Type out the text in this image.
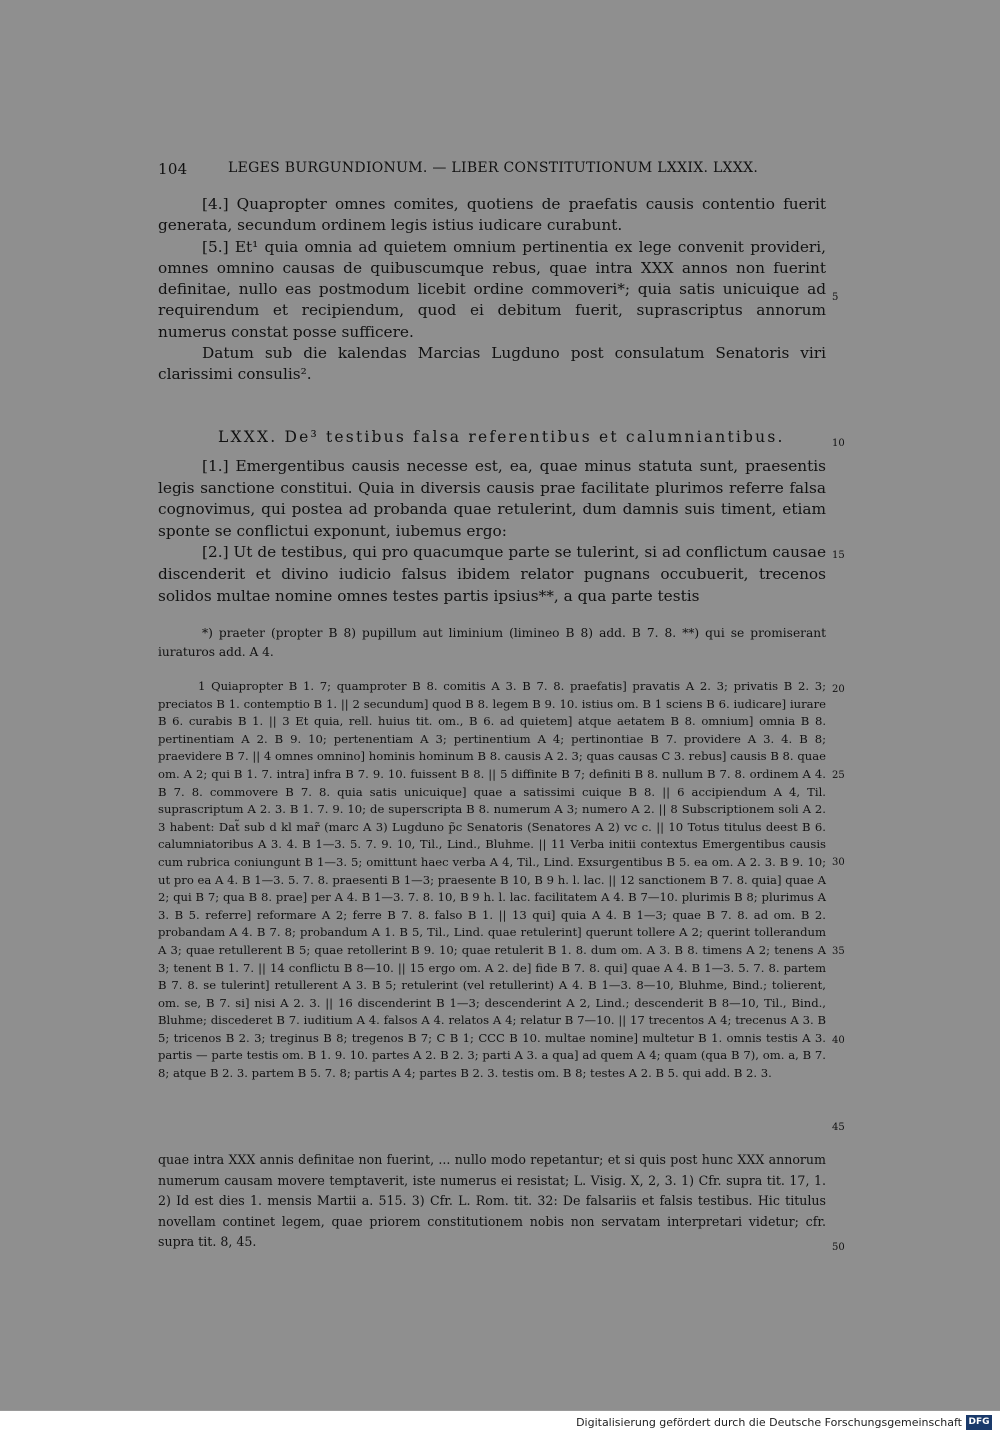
104	LEGES BURGUNDIONUM. — LIBER CONSTITUTIONUM LXXIX. LXXX.

[4.] Quapropter omnes comites, quotiens de praefatis causis contentio fuerit generata, secundum ordinem legis istius iudicare curabunt.

[5.] Et¹ quia omnia ad quietem omnium pertinentia ex lege convenit provideri, omnes omnino causas de quibuscumque rebus, quae intra XXX annos non fuerint definitae, nullo eas postmodum licebit ordine commoveri*; quia satis unicuique ad requirendum et recipiendum, quod ei debitum fuerit, suprascriptus annorum numerus constat posse sufficere.

Datum sub die kalendas Marcias Lugduno post consulatum Senatoris viri clarissimi consulis².

LXXX. De³ testibus falsa referentibus et calumniantibus.

[1.] Emergentibus causis necesse est, ea, quae minus statuta sunt, praesentis legis sanctione constitui. Quia in diversis causis prae facilitate plurimos referre falsa cognovimus, qui postea ad probanda quae retulerint, dum damnis suis timent, etiam sponte se conflictui exponunt, iubemus ergo:

[2.] Ut de testibus, qui pro quacumque parte se tulerint, si ad conflictum causae discenderit et divino iudicio falsus ibidem relator pugnans occubuerit, trecenos solidos multae nomine omnes testes partis ipsius**, a qua parte testis

*) praeter (propter B 8) pupillum aut liminium (limineo B 8) add. B 7. 8. **) qui se promiserant iuraturos add. A 4.

1 Quiapropter B 1. 7; quamproter B 8. comitis A 3. B 7. 8. praefatis] pravatis A 2. 3; privatis B 2. 3; preciatos B 1. contemptio B 1. || 2 secundum] quod B 8. legem B 9. 10. istius om. B 1 sciens B 6. iudicare] iurare B 6. curabis B 1. || 3 Et quia, rell. huius tit. om., B 6. ad quietem] atque aetatem B 8. omnium] omnia B 8. pertinentiam A 2. B 9. 10; pertenentiam A 3; pertinentium A 4; pertinontiae B 7. providere A 3. 4. B 8; praevidere B 7. || 4 omnes omnino] hominis hominum B 8. causis A 2. 3; quas causas C 3. rebus] causis B 8. quae om. A 2; qui B 1. 7. intra] infra B 7. 9. 10. fuissent B 8. || 5 diffinite B 7; definiti B 8. nullum B 7. 8. ordinem A 4. B 7. 8. commovere B 7. 8. quia satis unicuique] quae a satissimi cuique B 8. || 6 accipiendum A 4, Til. suprascriptum A 2. 3. B 1. 7. 9. 10; de superscripta B 8. numerum A 3; numero A 2. || 8 Subscriptionem soli A 2. 3 habent: Dat̃ sub d kl mar̃ (marc A 3) Lugduno p̃c Senatoris (Senatores A 2) vc c. || 10 Totus titulus deest B 6. calumniatoribus A 3. 4. B 1—3. 5. 7. 9. 10, Til., Lind., Bluhme. || 11 Verba initii contextus Emergentibus causis cum rubrica coniungunt B 1—3. 5; omittunt haec verba A 4, Til., Lind. Exsurgentibus B 5. ea om. A 2. 3. B 9. 10; ut pro ea A 4. B 1—3. 5. 7. 8. praesenti B 1—3; praesente B 10, B 9 h. l. lac. || 12 sanctionem B 7. 8. quia] quae A 2; qui B 7; qua B 8. prae] per A 4. B 1—3. 7. 8. 10, B 9 h. l. lac. facilitatem A 4. B 7—10. plurimis B 8; plurimus A 3. B 5. referre] reformare A 2; ferre B 7. 8. falso B 1. || 13 qui] quia A 4. B 1—3; quae B 7. 8. ad om. B 2. probandam A 4. B 7. 8; probandum A 1. B 5, Til., Lind. quae retulerint] querunt tollere A 2; querint tollerandum A 3; quae retullerent B 5; quae retollerint B 9. 10; quae retulerit B 1. 8. dum om. A 3. B 8. timens A 2; tenens A 3; tenent B 1. 7. || 14 conflictu B 8—10. || 15 ergo om. A 2. de] fide B 7. 8. qui] quae A 4. B 1—3. 5. 7. 8. partem B 7. 8. se tulerint] retullerent A 3. B 5; retulerint (vel retullerint) A 4. B 1—3. 8—10, Bluhme, Bind.; tolierent, om. se, B 7. si] nisi A 2. 3. || 16 discenderint B 1—3; descenderint A 2, Lind.; descenderit B 8—10, Til., Bind., Bluhme; discederet B 7. iuditium A 4. falsos A 4. relatos A 4; relatur B 7—10. || 17 trecentos A 4; trecenus A 3. B 5; tricenos B 2. 3; treginus B 8; tregenos B 7; C B 1; CCC B 10. multae nomine] multetur B 1. omnis testis A 3. partis — parte testis om. B 1. 9. 10. partes A 2. B 2. 3; parti A 3. a qua] ad quem A 4; quam (qua B 7), om. a, B 7. 8; atque B 2. 3. partem B 5. 7. 8; partis A 4; partes B 2. 3. testis om. B 8; testes A 2. B 5. qui add. B 2. 3.

quae intra XXX annis definitae non fuerint, ... nullo modo repetantur; et si quis post hunc XXX annorum numerum causam movere temptaverit, iste numerus ei resistat; L. Visig. X, 2, 3. 1) Cfr. supra tit. 17, 1. 2) Id est dies 1. mensis Martii a. 515. 3) Cfr. L. Rom. tit. 32: De falsariis et falsis testibus. Hic titulus novellam continet legem, quae priorem constitutionem nobis non servatam interpretari videtur; cfr. supra tit. 8, 45.

5
10
15
20
25
30
35
40
45
50
Digitalisierung gefördert durch die Deutsche Forschungsgemeinschaft DFG
